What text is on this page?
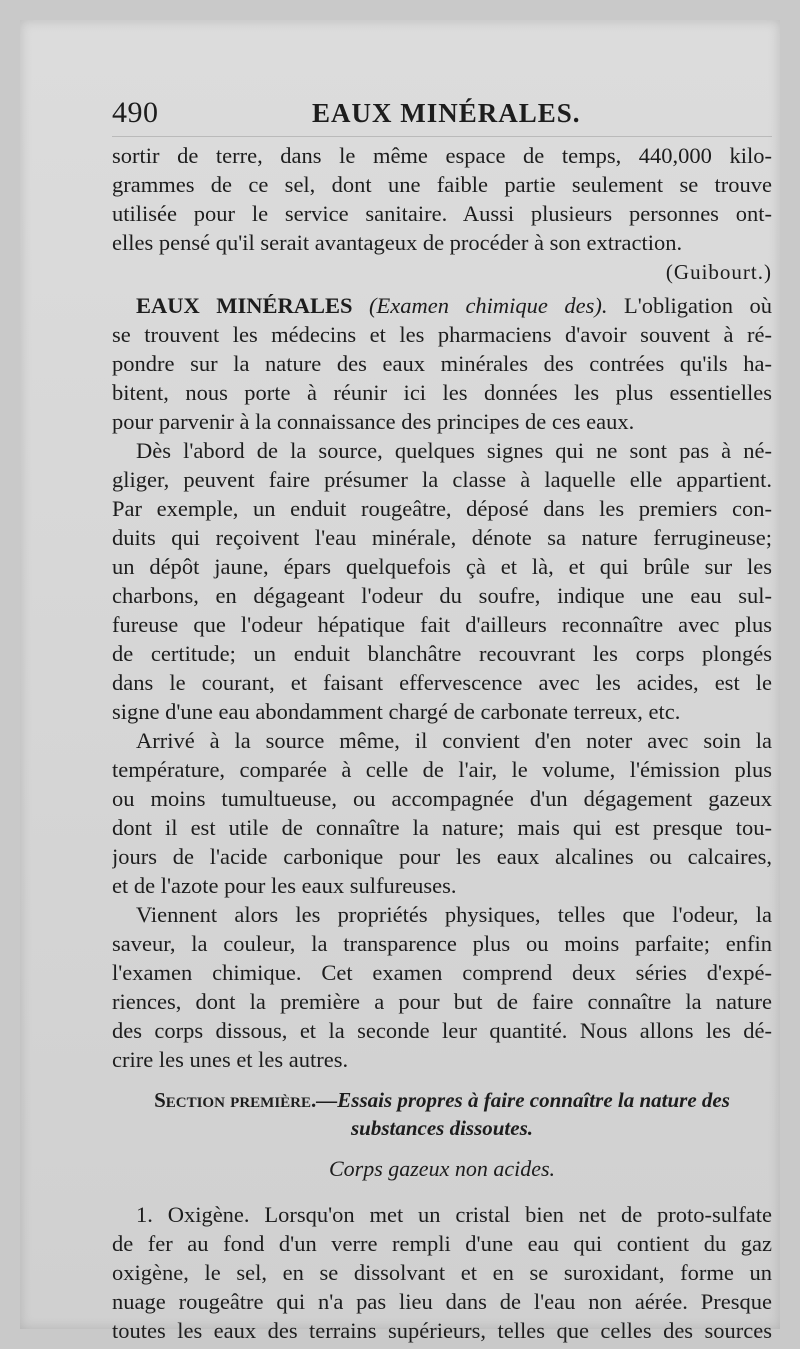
490	EAUX MINÉRALES.

sortir de terre, dans le même espace de temps, 440,000 kilo-

grammes de ce sel, dont une faible partie seulement se trouve

utilisée pour le service sanitaire. Aussi plusieurs personnes ont-

elles pensé qu'il serait avantageux de procéder à son extraction.

(Guibourt.)

EAUX MINÉRALES (Examen chimique des). L'obligation où

se trouvent les médecins et les pharmaciens d'avoir souvent à ré-

pondre sur la nature des eaux minérales des contrées qu'ils ha-

bitent, nous porte à réunir ici les données les plus essentielles

pour parvenir à la connaissance des principes de ces eaux.

Dès l'abord de la source, quelques signes qui ne sont pas à né-

gliger, peuvent faire présumer la classe à laquelle elle appartient.

Par exemple, un enduit rougeâtre, déposé dans les premiers con-

duits qui reçoivent l'eau minérale, dénote sa nature ferrugineuse;

un dépôt jaune, épars quelquefois çà et là, et qui brûle sur les

charbons, en dégageant l'odeur du soufre, indique une eau sul-

fureuse que l'odeur hépatique fait d'ailleurs reconnaître avec plus

de certitude; un enduit blanchâtre recouvrant les corps plongés

dans le courant, et faisant effervescence avec les acides, est le

signe d'une eau abondamment chargé de carbonate terreux, etc.

Arrivé à la source même, il convient d'en noter avec soin la

température, comparée à celle de l'air, le volume, l'émission plus

ou moins tumultueuse, ou accompagnée d'un dégagement gazeux

dont il est utile de connaître la nature; mais qui est presque tou-

jours de l'acide carbonique pour les eaux alcalines ou calcaires,

et de l'azote pour les eaux sulfureuses.

Viennent alors les propriétés physiques, telles que l'odeur, la

saveur, la couleur, la transparence plus ou moins parfaite; enfin

l'examen chimique. Cet examen comprend deux séries d'expé-

riences, dont la première a pour but de faire connaître la nature

des corps dissous, et la seconde leur quantité. Nous allons les dé-

crire les unes et les autres.

Section première.—Essais propres à faire connaître la nature des
substances dissoutes.
Corps gazeux non acides.

1. Oxigène. Lorsqu'on met un cristal bien net de proto-sulfate

de fer au fond d'un verre rempli d'une eau qui contient du gaz

oxigène, le sel, en se dissolvant et en se suroxidant, forme un

nuage rougeâtre qui n'a pas lieu dans de l'eau non aérée. Presque

toutes les eaux des terrains supérieurs, telles que celles des sources
